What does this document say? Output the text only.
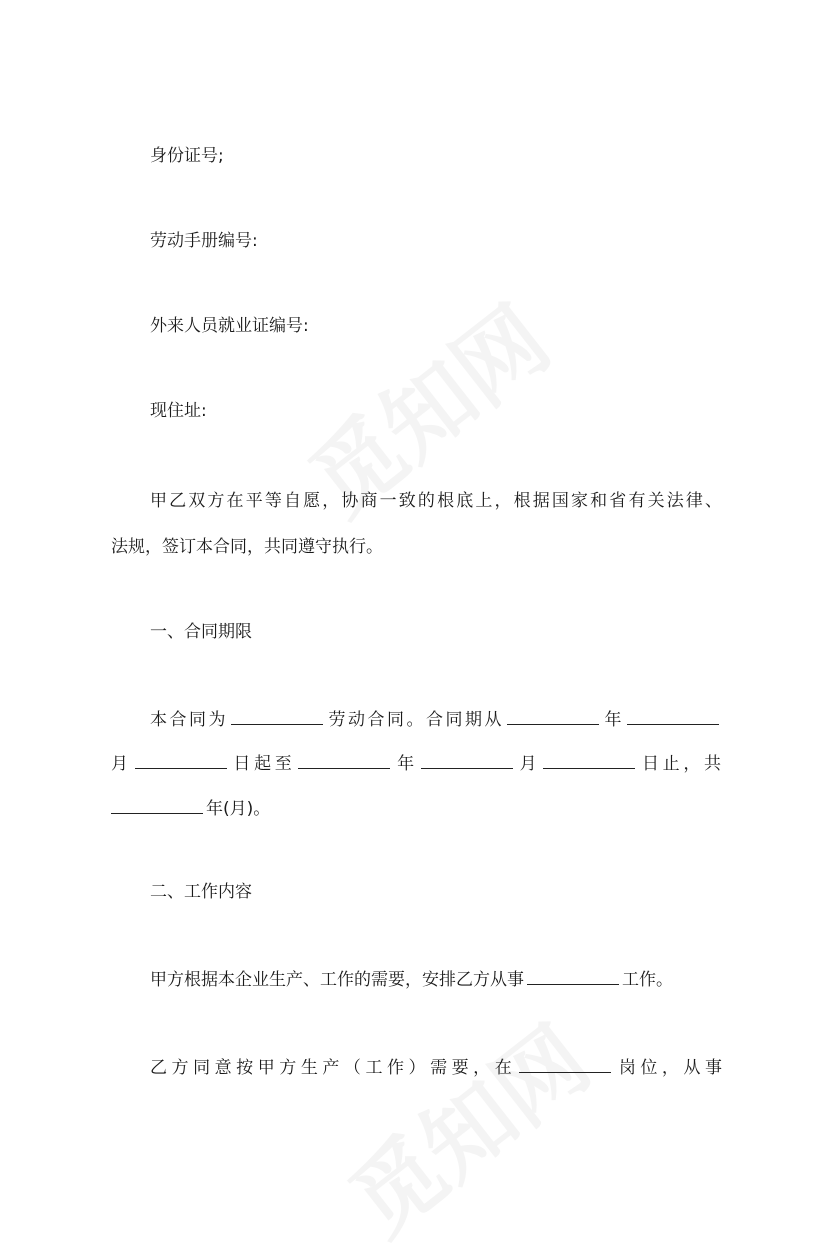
身份证号;
劳动手册编号:
外来人员就业证编号:
现住址:
甲乙双方在平等自愿，协商一致的根底上，根据国家和省有关法律、
法规，签订本合同，共同遵守执行。
一、合同期限
本合同为	劳动合同。合同期从	年
月	日起至	年	月	日止，共
年(月)。
二、工作内容
甲方根据本企业生产、工作的需要，安排乙方从事	工作。
乙方同意按甲方生产（工作）需要，在	岗位，从事
